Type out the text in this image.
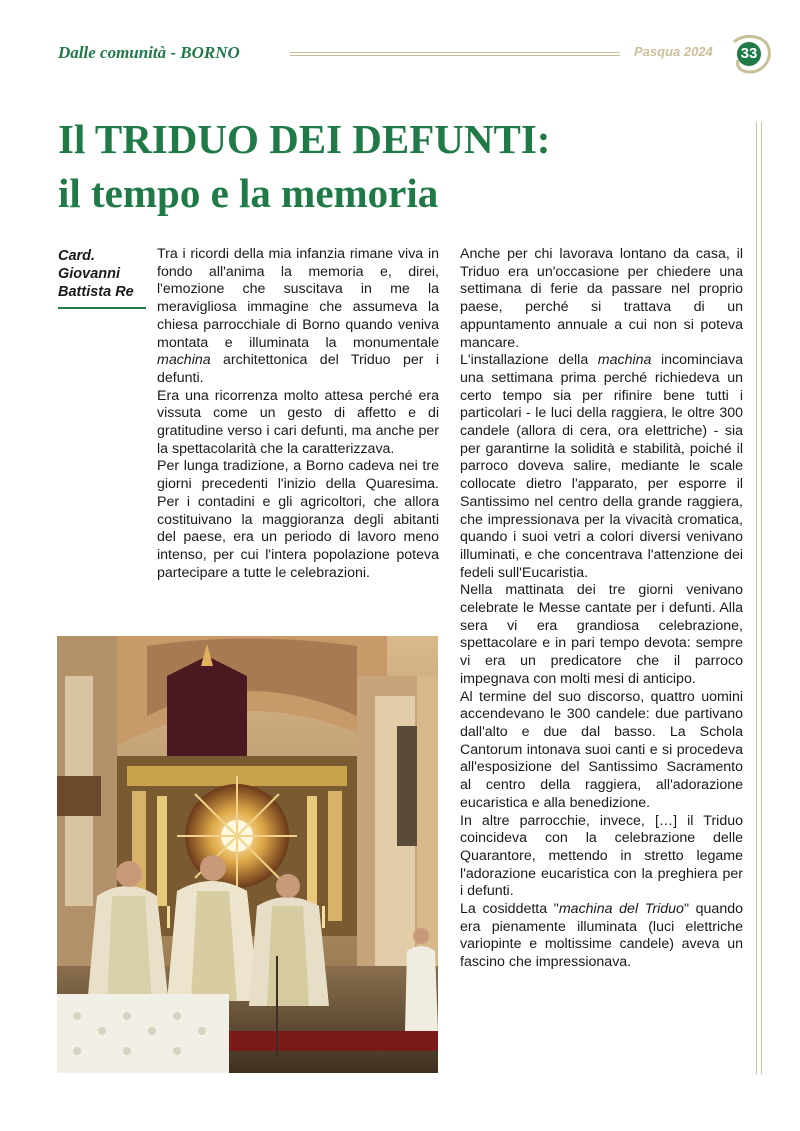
Dalle comunità - BORNO	Pasqua 2024 33
Il TRIDUO DEI DEFUNTI:
il tempo e la memoria
Card.
Giovanni
Battista Re

Tra i ricordi della mia infanzia rimane viva in fondo all'anima la memoria e, direi, l'emozione che suscitava in me la meravigliosa immagine che assumeva la chiesa parrocchiale di Borno quando veniva montata e illuminata la monumentale machina architettonica del Triduo per i defunti.

Era una ricorrenza molto attesa perché era vissuta come un gesto di affetto e di gratitudine verso i cari defunti, ma anche per la spettacolarità che la caratterizzava.

Per lunga tradizione, a Borno cadeva nei tre giorni precedenti l'inizio della Quaresima. Per i contadini e gli agricoltori, che allora costituivano la maggioranza degli abitanti del paese, era un periodo di lavoro meno intenso, per cui l'intera popolazione poteva partecipare a tutte le celebrazioni.

Anche per chi lavorava lontano da casa, il Triduo era un'occasione per chiedere una settimana di ferie da passare nel proprio paese, perché si trattava di un appuntamento annuale a cui non si poteva mancare.

L'installazione della machina incominciava una settimana prima perché richiedeva un certo tempo sia per rifinire bene tutti i particolari - le luci della raggiera, le oltre 300 candele (allora di cera, ora elettriche) - sia per garantirne la solidità e stabilità, poiché il parroco doveva salire, mediante le scale collocate dietro l'apparato, per esporre il Santissimo nel centro della grande raggiera, che impressionava per la vivacità cromatica, quando i suoi vetri a colori diversi venivano illuminati, e che concentrava l'attenzione dei fedeli sull'Eucaristia.

Nella mattinata dei tre giorni venivano celebrate le Messe cantate per i defunti. Alla sera vi era grandiosa celebrazione, spettacolare e in pari tempo devota: sempre vi era un predicatore che il parroco impegnava con molti mesi di anticipo.

Al termine del suo discorso, quattro uomini accendevano le 300 candele: due partivano dall'alto e due dal basso. La Schola Cantorum intonava suoi canti e si procedeva all'esposizione del Santissimo Sacramento al centro della raggiera, all'adorazione eucaristica e alla benedizione.

In altre parrocchie, invece, […] il Triduo coincideva con la celebrazione delle Quarantore, mettendo in stretto legame l'adorazione eucaristica con la preghiera per i defunti.

La cosiddetta "machina del Triduo" quando era pienamente illuminata (luci elettriche variopinte e moltissime candele) aveva un fascino che impressionava.
